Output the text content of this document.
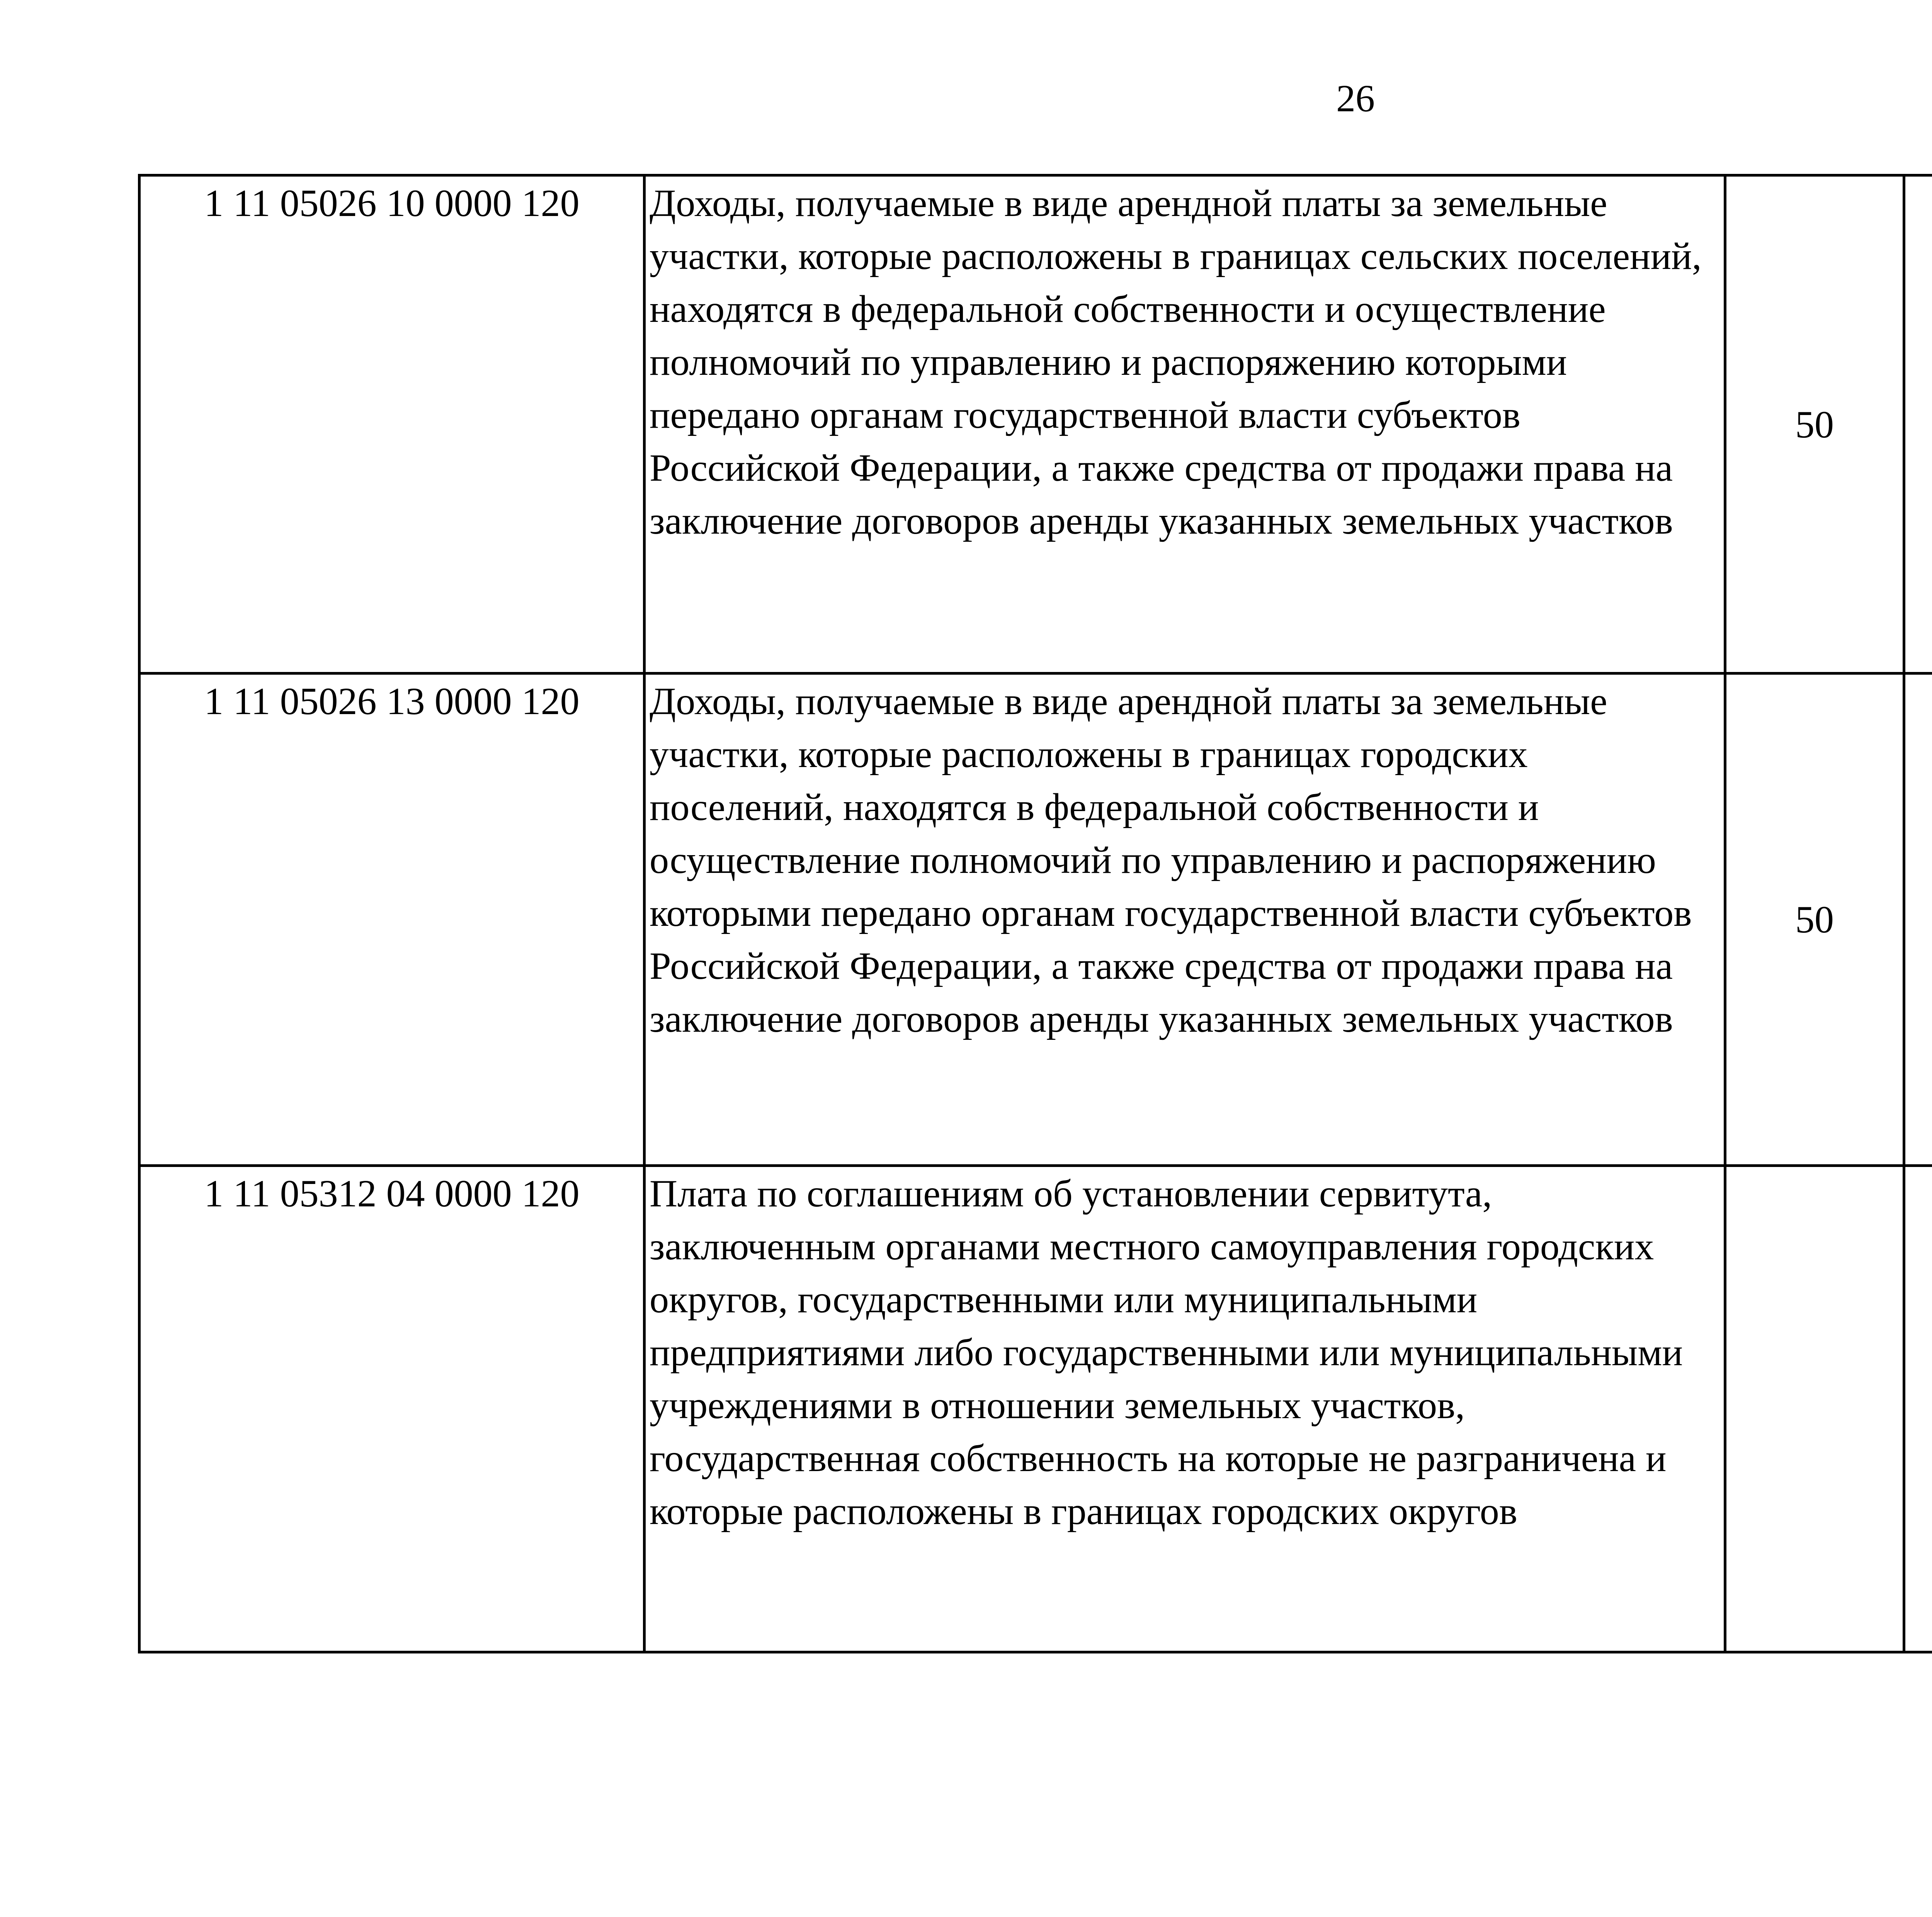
26
1 11 05026 10 0000 120	Доходы, получаемые в виде арендной платы за земельные участки, которые расположены в границах сельских поселений, находятся в федеральной собственности и осуществление полномочий по управлению и распоряжению которыми передано органам государственной власти субъектов Российской Федерации, а также средства от продажи права на заключение договоров аренды указанных земельных участков	50				
1 11 05026 13 0000 120	Доходы, получаемые в виде арендной платы за земельные участки, которые расположены в границах городских поселений, находятся в федеральной собственности и осуществление полномочий по управлению и распоряжению которыми передано органам государственной власти субъектов Российской Федерации, а также средства от продажи права на заключение договоров аренды указанных земельных участков	50				
1 11 05312 04 0000 120	Плата по соглашениям об установлении сервитута, заключенным органами местного самоуправления городских округов, государственными или муниципальными предприятиями либо государственными или муниципальными учреждениями в отношении земельных участков, государственная собственность на которые не разграничена и которые расположены в границах городских округов					
